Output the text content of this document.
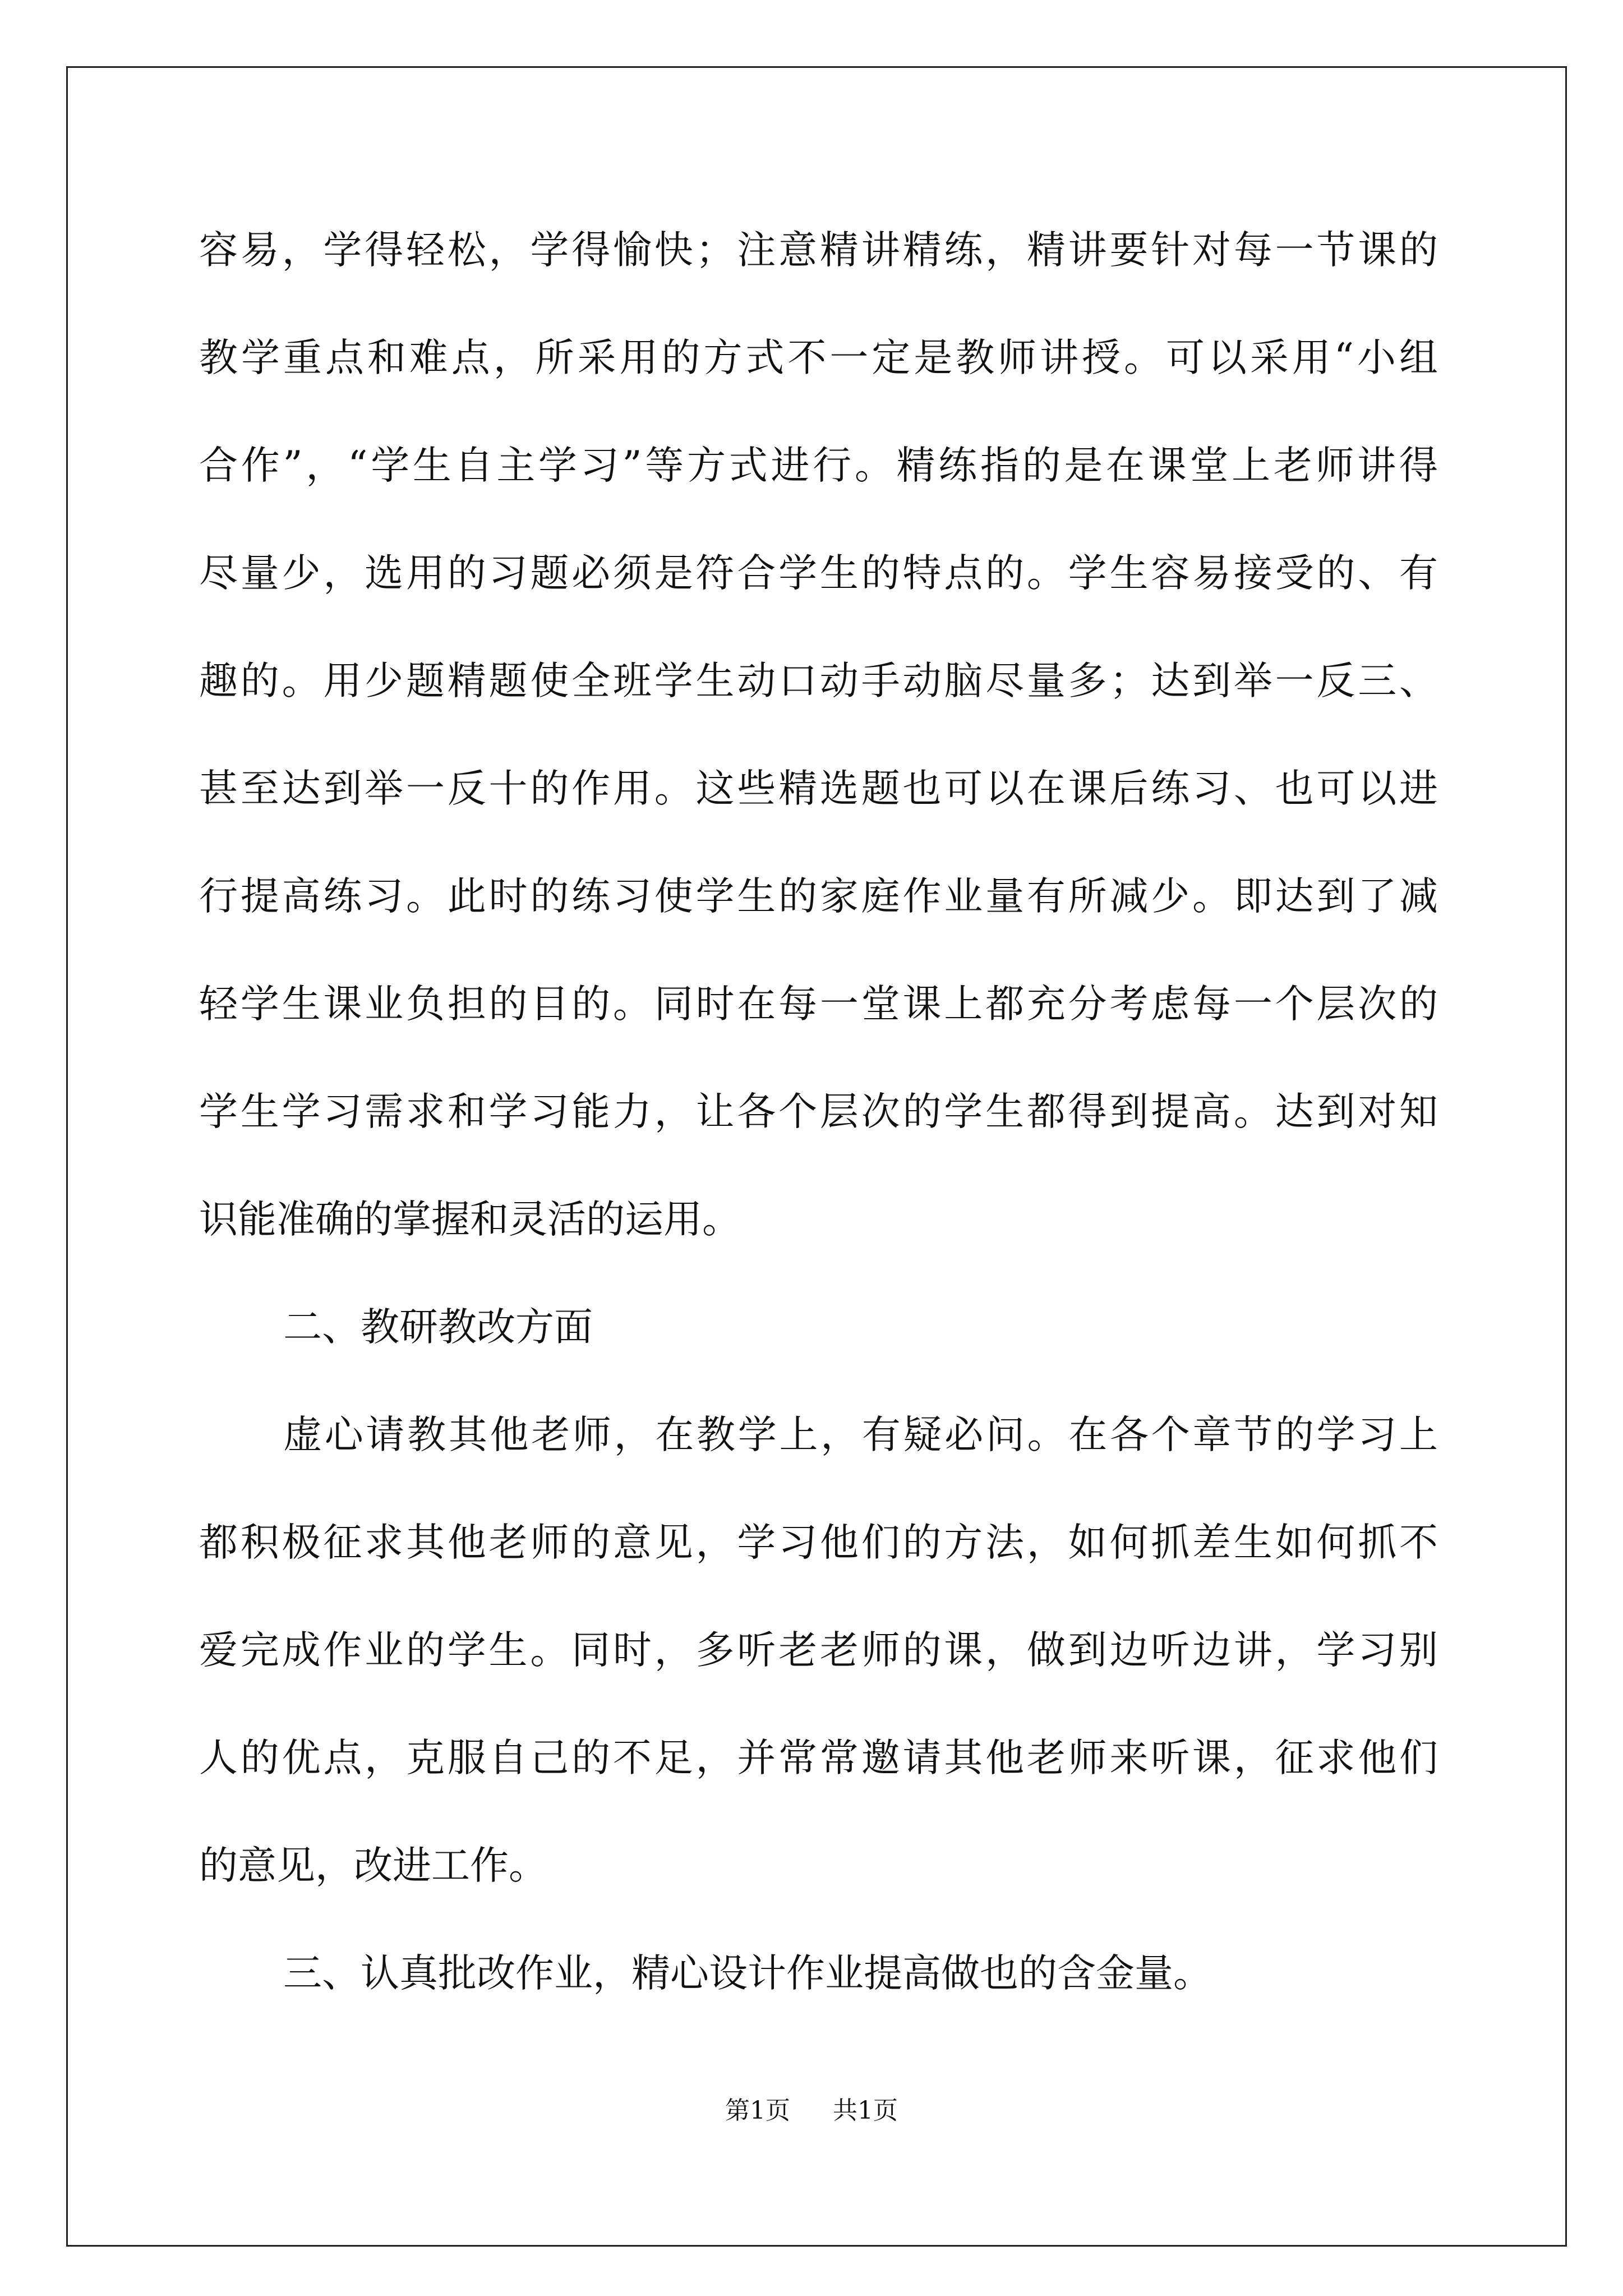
容易，学得轻松，学得愉快；注意精讲精练，精讲要针对每一节课的
教学重点和难点，所采用的方式不一定是教师讲授。可以采用“小组
合作”，“学生自主学习”等方式进行。精练指的是在课堂上老师讲得
尽量少，选用的习题必须是符合学生的特点的。学生容易接受的、有
趣的。用少题精题使全班学生动口动手动脑尽量多；达到举一反三、
甚至达到举一反十的作用。这些精选题也可以在课后练习、也可以进
行提高练习。此时的练习使学生的家庭作业量有所减少。即达到了减
轻学生课业负担的目的。同时在每一堂课上都充分考虑每一个层次的
学生学习需求和学习能力，让各个层次的学生都得到提高。达到对知
识能准确的掌握和灵活的运用。
二、教研教改方面
虚心请教其他老师，在教学上，有疑必问。在各个章节的学习上
都积极征求其他老师的意见，学习他们的方法，如何抓差生如何抓不
爱完成作业的学生。同时，多听老老师的课，做到边听边讲，学习别
人的优点，克服自己的不足，并常常邀请其他老师来听课，征求他们
的意见，改进工作。
三、认真批改作业，精心设计作业提高做也的含金量。
第1页 共1页
